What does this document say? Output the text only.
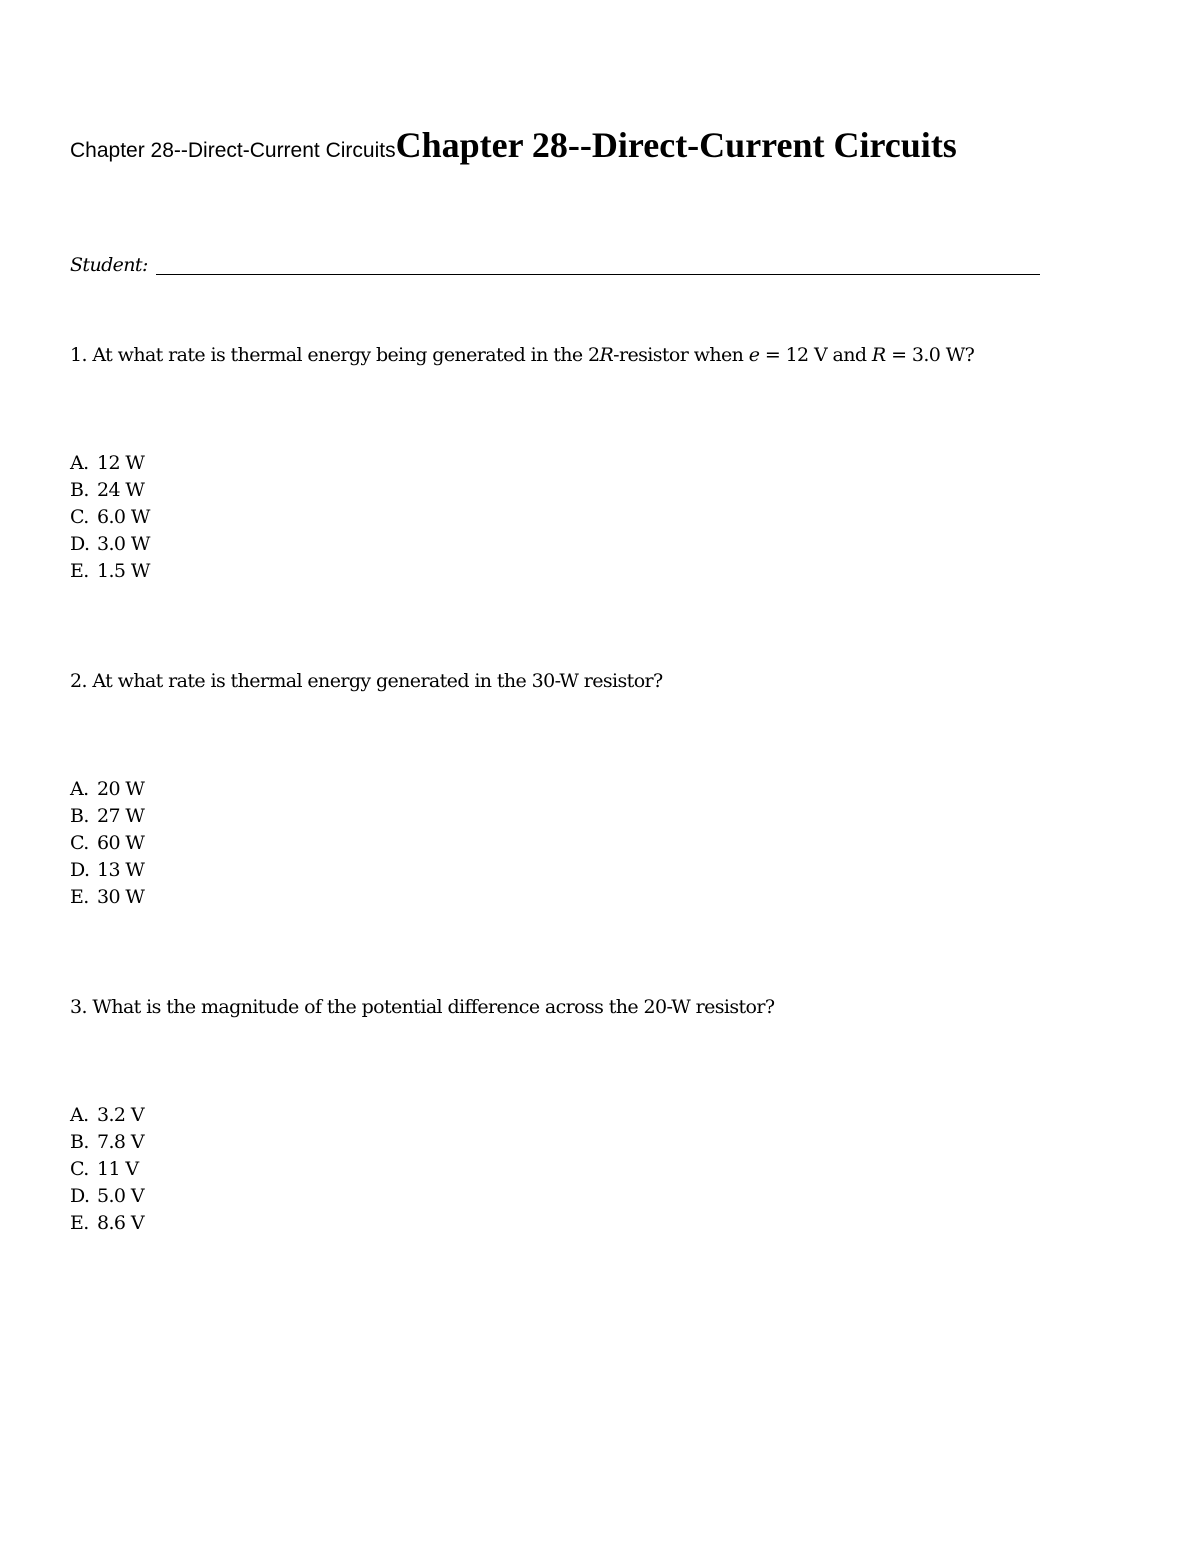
Chapter 28--Direct-Current CircuitsChapter 28--Direct-Current Circuits
Student:
1. At what rate is thermal energy being generated in the 2R-resistor when e = 12 V and R = 3.0 W?
A. 12 W
B. 24 W
C. 6.0 W
D. 3.0 W
E. 1.5 W
2. At what rate is thermal energy generated in the 30-W resistor?
A. 20 W
B. 27 W
C. 60 W
D. 13 W
E. 30 W
3. What is the magnitude of the potential difference across the 20-W resistor?
A. 3.2 V
B. 7.8 V
C. 11 V
D. 5.0 V
E. 8.6 V
